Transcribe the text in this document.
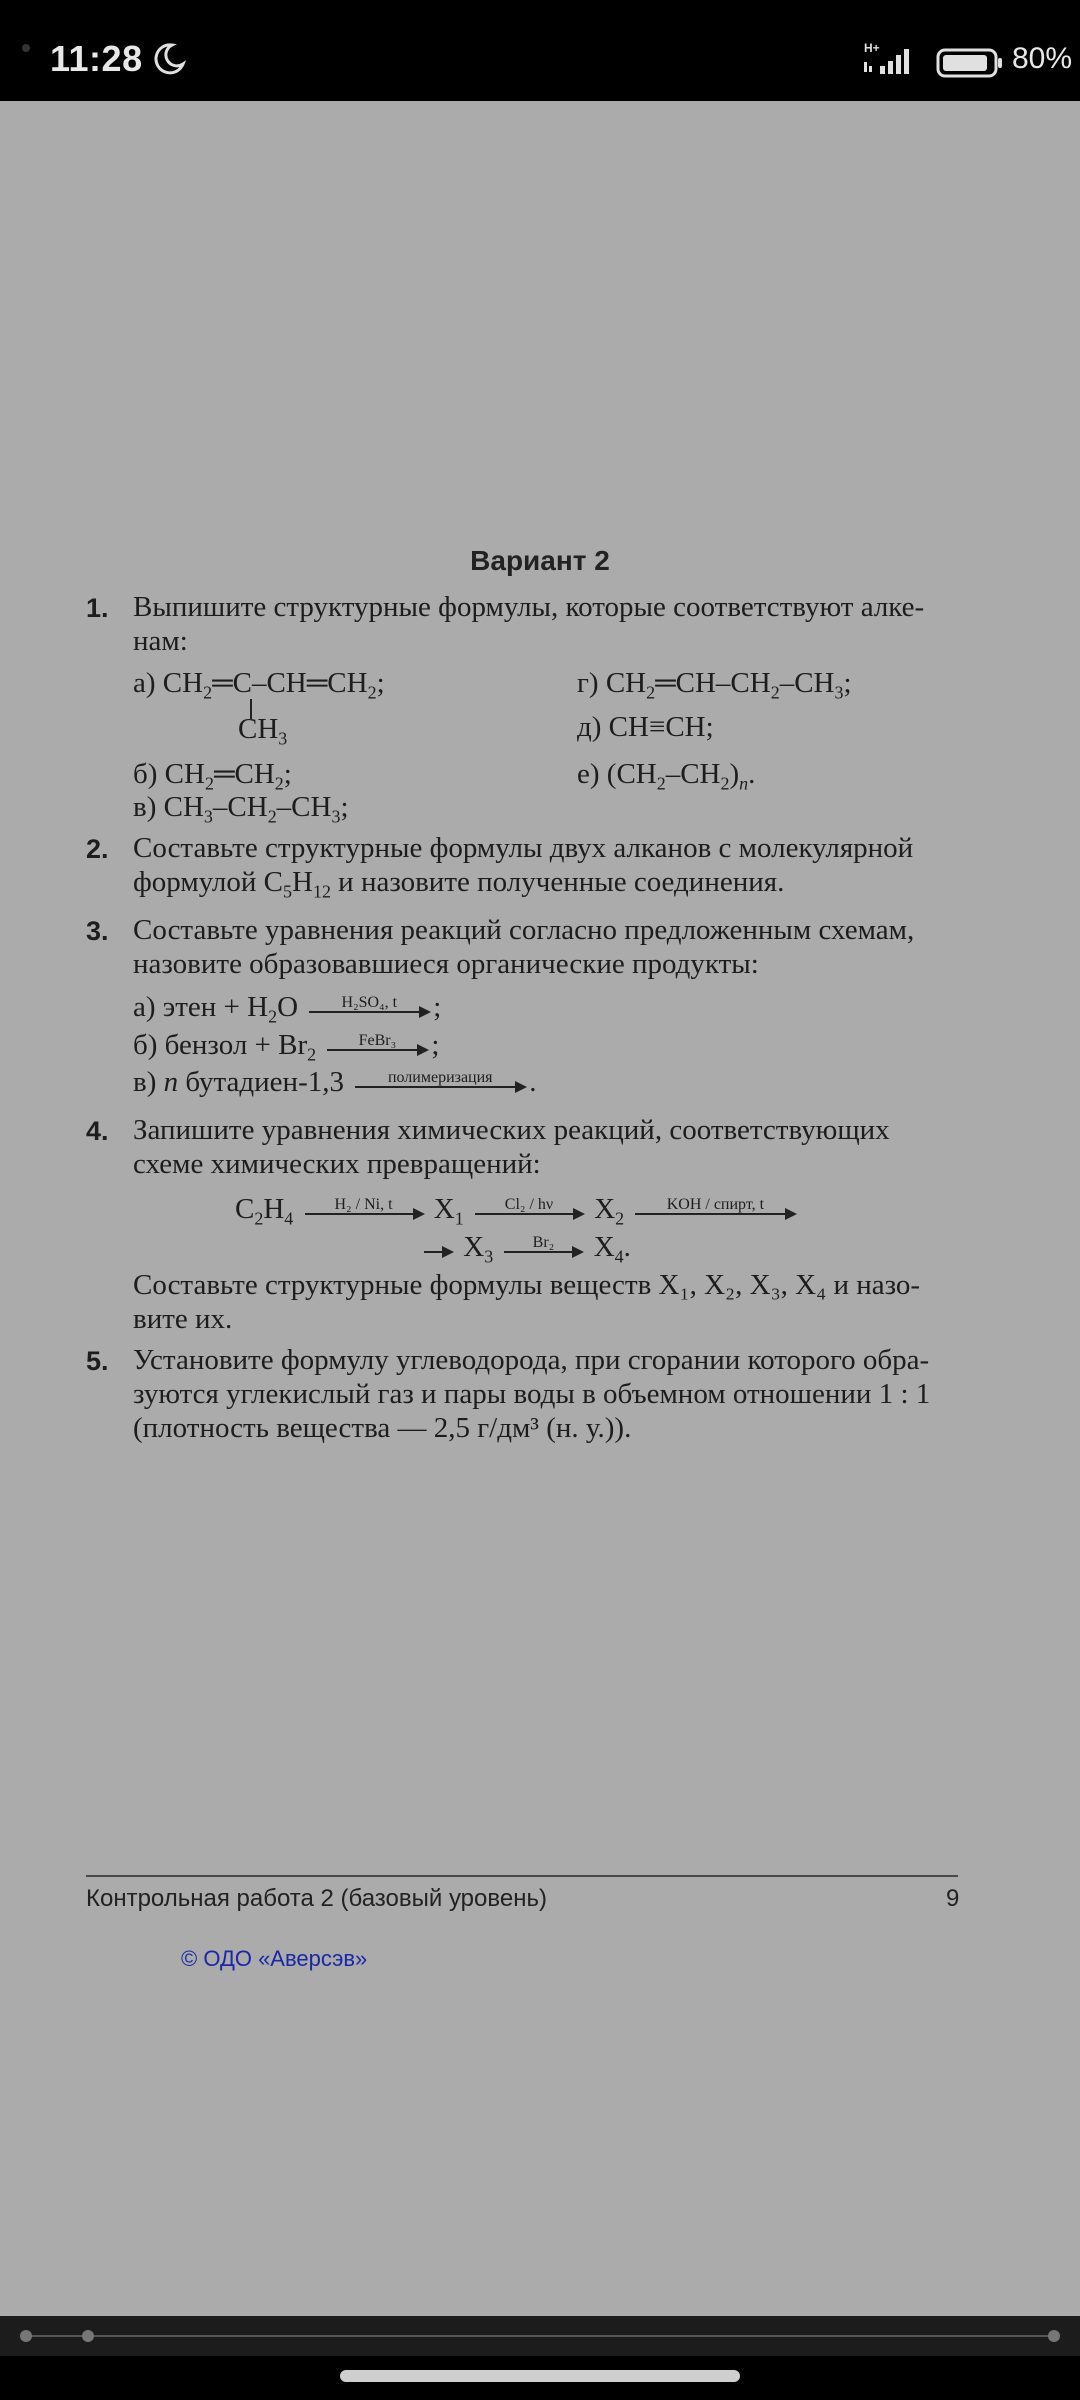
11:28	H+	80%
Вариант 2
1. Выпишите структурные формулы, которые соответствуют алке-
нам:
а) $CH_2═C-CH═CH_2$;
$CH_3$
б) $CH_2═CH_2$;
в) $CH_3-CH_2-CH_3$;
г) $CH_2═CH-CH_2-CH_3$;
д) CH≡CH;
е) $(CH_2-CH_2)_n$.
2. Составьте структурные формулы двух алканов с молекулярной
формулой $C_5H_{12}$ и назовите полученные соединения.
3. Составьте уравнения реакций согласно предложенным схемам,
назовите образовавшиеся органические продукты:
а) этен + $H_2O$	H₂SO₄, t	;
б) бензол + $Br_2$
FeBr₃	;
в) n бутадиен-1,3	полимеризация	.
4. Запишите уравнения химических реакций, соответствующих
схеме химических превращений:
$C_2H_4$
H₂ / Ni, t	$X_1$
Cl₂ / hν	$X_2$
KOH / спирт, t
$X_3$
Br₂	$X_4$.
Составьте структурные формулы веществ X₁, X₂, X₃, X₄ и назо-
вите их.
5. Установите формулу углеводорода, при сгорании которого обра-
зуются углекислый газ и пары воды в объемном отношении 1 : 1
(плотность вещества — 2,5 г/дм³ (н. у.)).
Контрольная работа 2 (базовый уровень)	9
© ОДО «Аверсэв»
